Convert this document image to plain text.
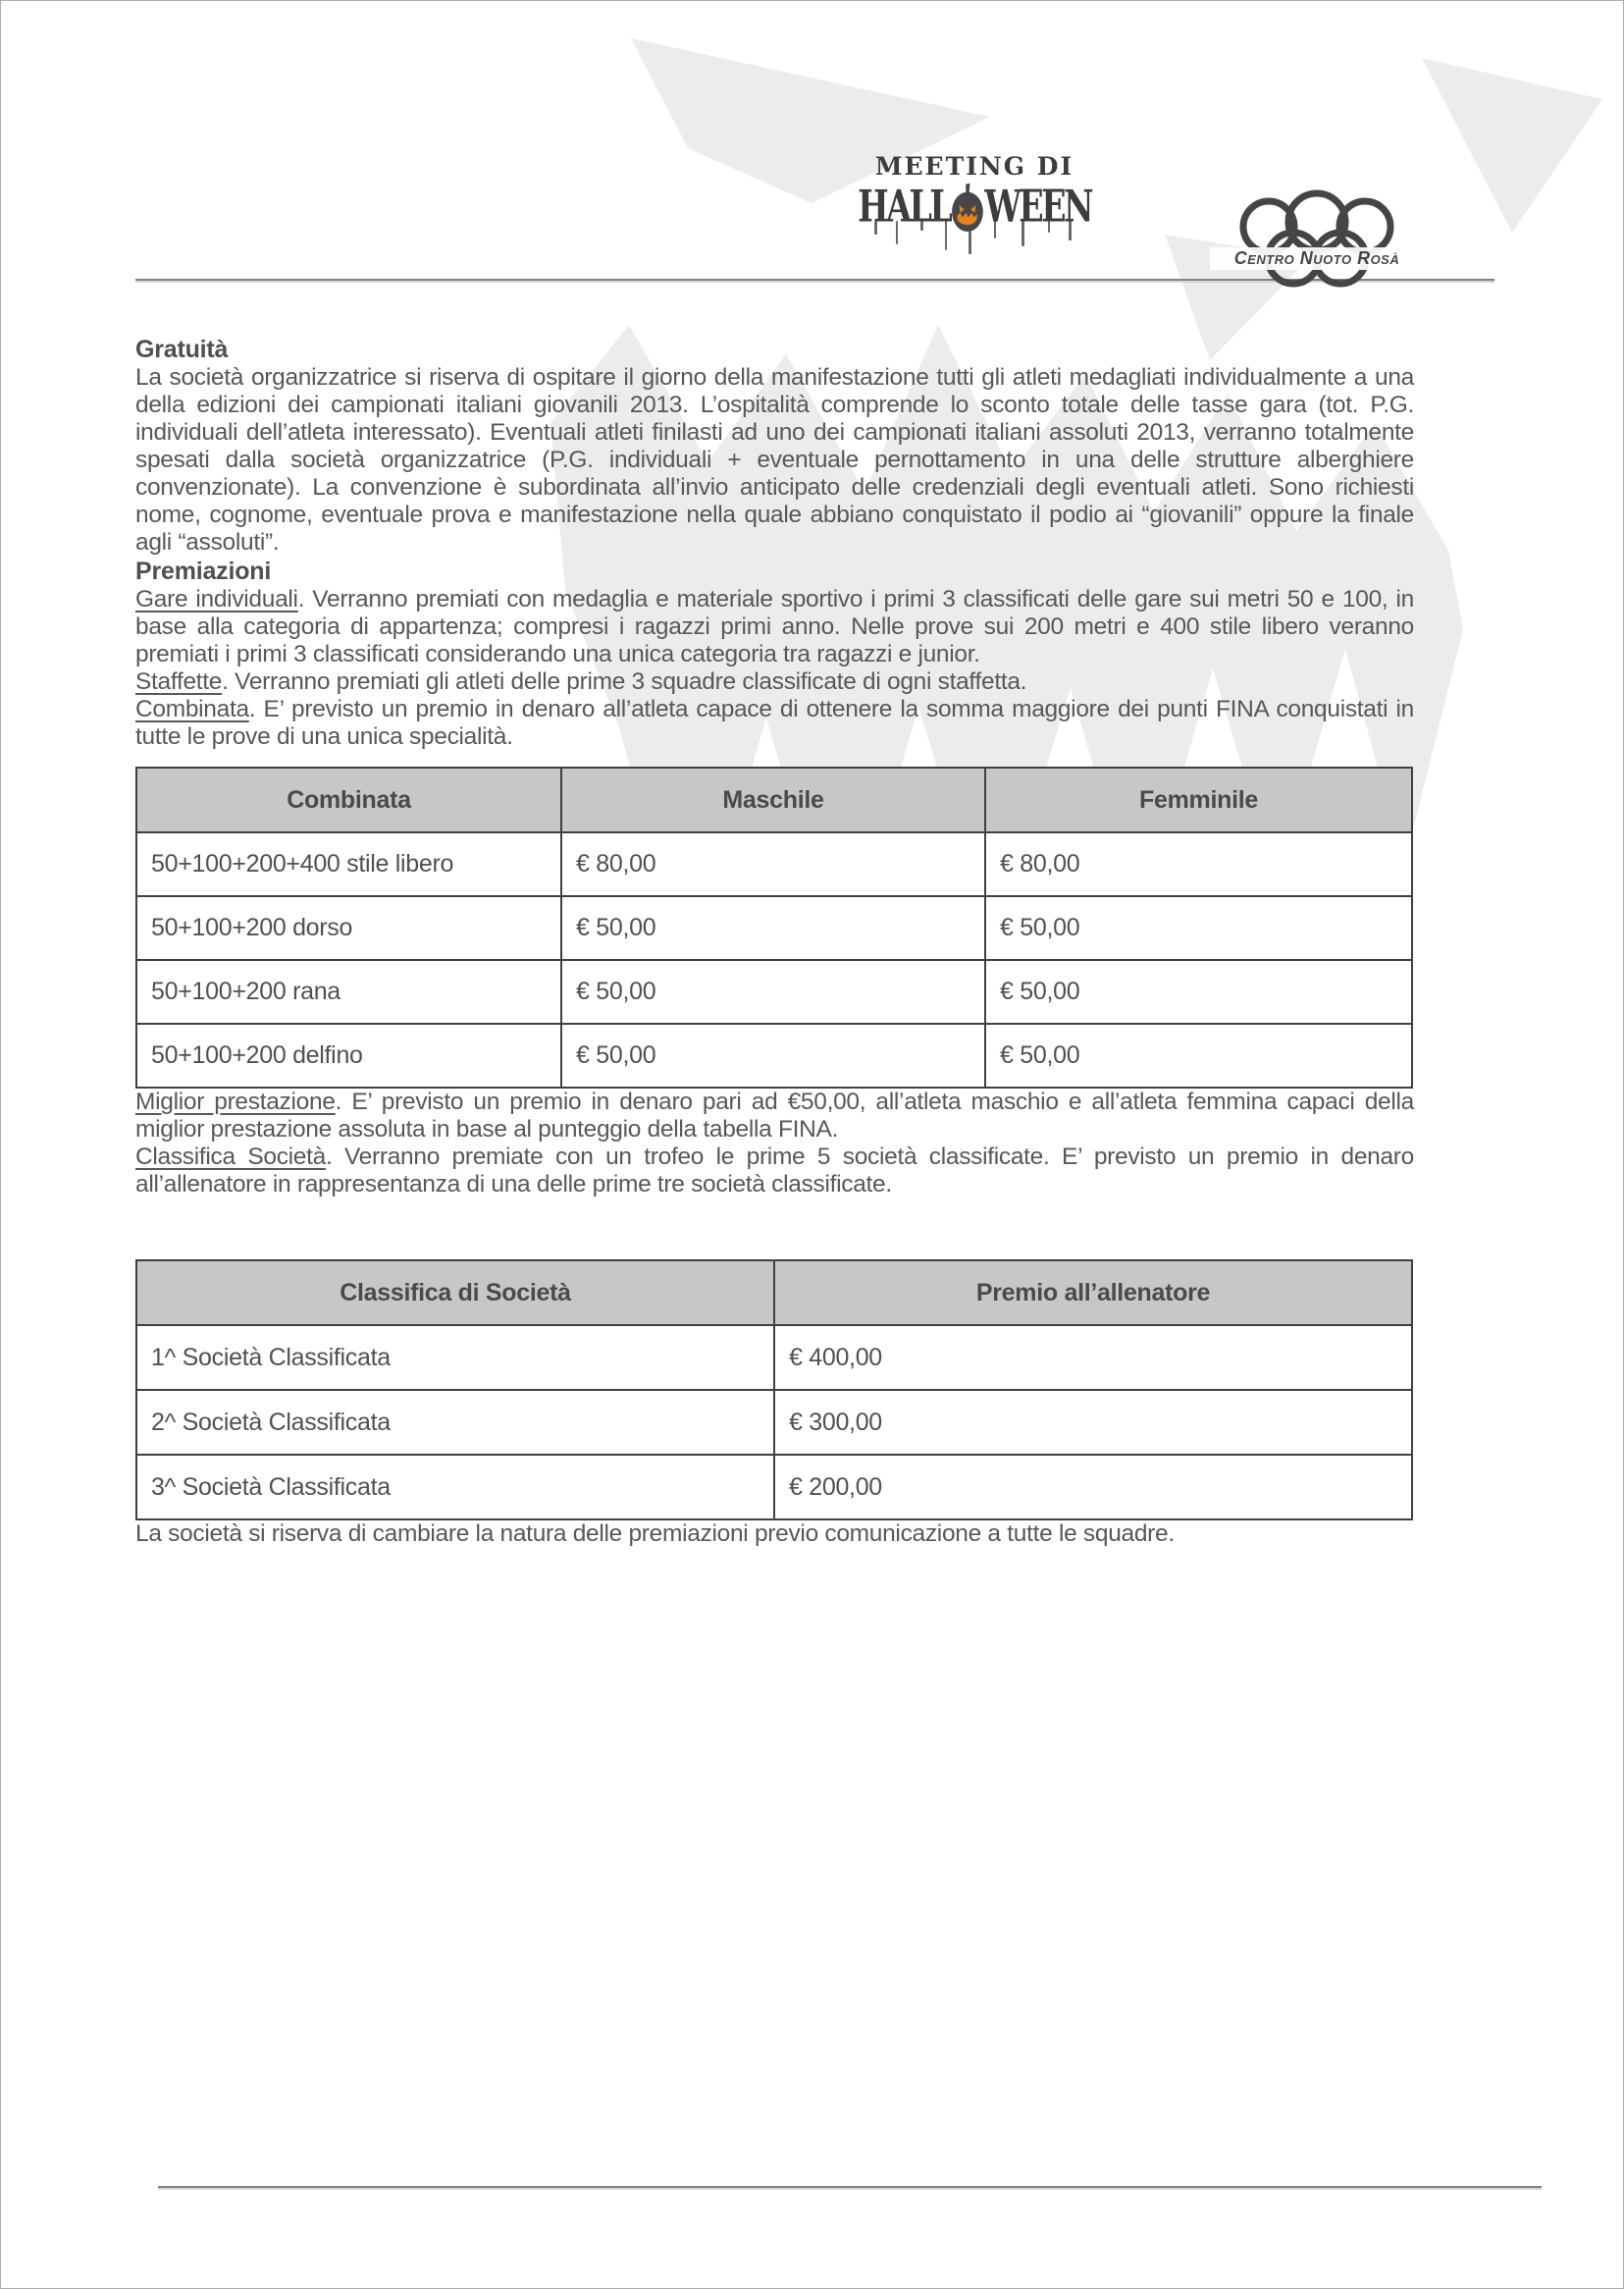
MEETING DI
HALL WEEN
Centro Nuoto Rosà
Gratuità

La società organizzatrice si riserva di ospitare il giorno della manifestazione tutti gli atleti medagliati individualmente a una della edizioni dei campionati italiani giovanili 2013. L’ospitalità comprende lo sconto totale delle tasse gara (tot. P.G. individuali dell’atleta interessato). Eventuali atleti finilasti ad uno dei campionati italiani assoluti 2013, verranno totalmente spesati dalla società organizzatrice (P.G. individuali + eventuale pernottamento in una delle strutture alberghiere convenzionate). La convenzione è subordinata all’invio anticipato delle credenziali degli eventuali atleti. Sono richiesti nome, cognome, eventuale prova e manifestazione nella quale abbiano conquistato il podio ai “giovanili” oppure la finale agli “assoluti”.

Premiazioni

Gare individuali. Verranno premiati con medaglia e materiale sportivo i primi 3 classificati delle gare sui metri 50 e 100, in base alla categoria di appartenza; compresi i ragazzi primi anno. Nelle prove sui 200 metri e 400 stile libero veranno premiati i primi 3 classificati considerando una unica categoria tra ragazzi e junior.

Staffette. Verranno premiati gli atleti delle prime 3 squadre classificate di ogni staffetta.

Combinata. E’ previsto un premio in denaro all’atleta capace di ottenere la somma maggiore dei punti FINA conquistati in tutte le prove di una unica specialità.

Combinata	Maschile	Femminile
50+100+200+400 stile libero	€ 80,00	€ 80,00
50+100+200 dorso	€ 50,00	€ 50,00
50+100+200 rana	€ 50,00	€ 50,00
50+100+200 delfino	€ 50,00	€ 50,00

Miglior prestazione. E’ previsto un premio in denaro pari ad €50,00, all’atleta maschio e all’atleta femmina capaci della miglior prestazione assoluta in base al punteggio della tabella FINA.

Classifica Società. Verranno premiate con un trofeo le prime 5 società classificate. E’ previsto un premio in denaro all’allenatore in rappresentanza di una delle prime tre società classificate.

Classifica di Società	Premio all’allenatore
1^ Società Classificata	€ 400,00
2^ Società Classificata	€ 300,00
3^ Società Classificata	€ 200,00

La società si riserva di cambiare la natura delle premiazioni previo comunicazione a tutte le squadre.
